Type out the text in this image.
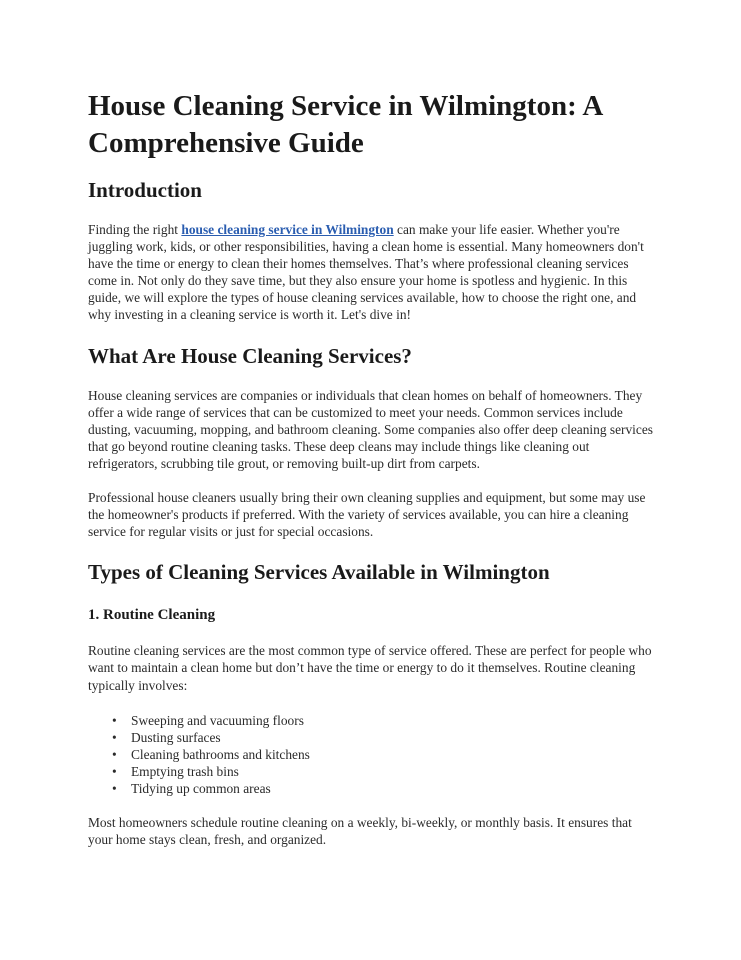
House Cleaning Service in Wilmington: A Comprehensive Guide
Introduction

Finding the right house cleaning service in Wilmington can make your life easier. Whether you're juggling work, kids, or other responsibilities, having a clean home is essential. Many homeowners don't have the time or energy to clean their homes themselves. That’s where professional cleaning services come in. Not only do they save time, but they also ensure your home is spotless and hygienic. In this guide, we will explore the types of house cleaning services available, how to choose the right one, and why investing in a cleaning service is worth it. Let's dive in!

What Are House Cleaning Services?

House cleaning services are companies or individuals that clean homes on behalf of homeowners. They offer a wide range of services that can be customized to meet your needs. Common services include dusting, vacuuming, mopping, and bathroom cleaning. Some companies also offer deep cleaning services that go beyond routine cleaning tasks. These deep cleans may include things like cleaning out refrigerators, scrubbing tile grout, or removing built-up dirt from carpets.

Professional house cleaners usually bring their own cleaning supplies and equipment, but some may use the homeowner's products if preferred. With the variety of services available, you can hire a cleaning service for regular visits or just for special occasions.

Types of Cleaning Services Available in Wilmington
1. Routine Cleaning

Routine cleaning services are the most common type of service offered. These are perfect for people who want to maintain a clean home but don’t have the time or energy to do it themselves. Routine cleaning typically involves:

• Sweeping and vacuuming floors
• Dusting surfaces
• Cleaning bathrooms and kitchens
• Emptying trash bins
• Tidying up common areas

Most homeowners schedule routine cleaning on a weekly, bi-weekly, or monthly basis. It ensures that your home stays clean, fresh, and organized.
